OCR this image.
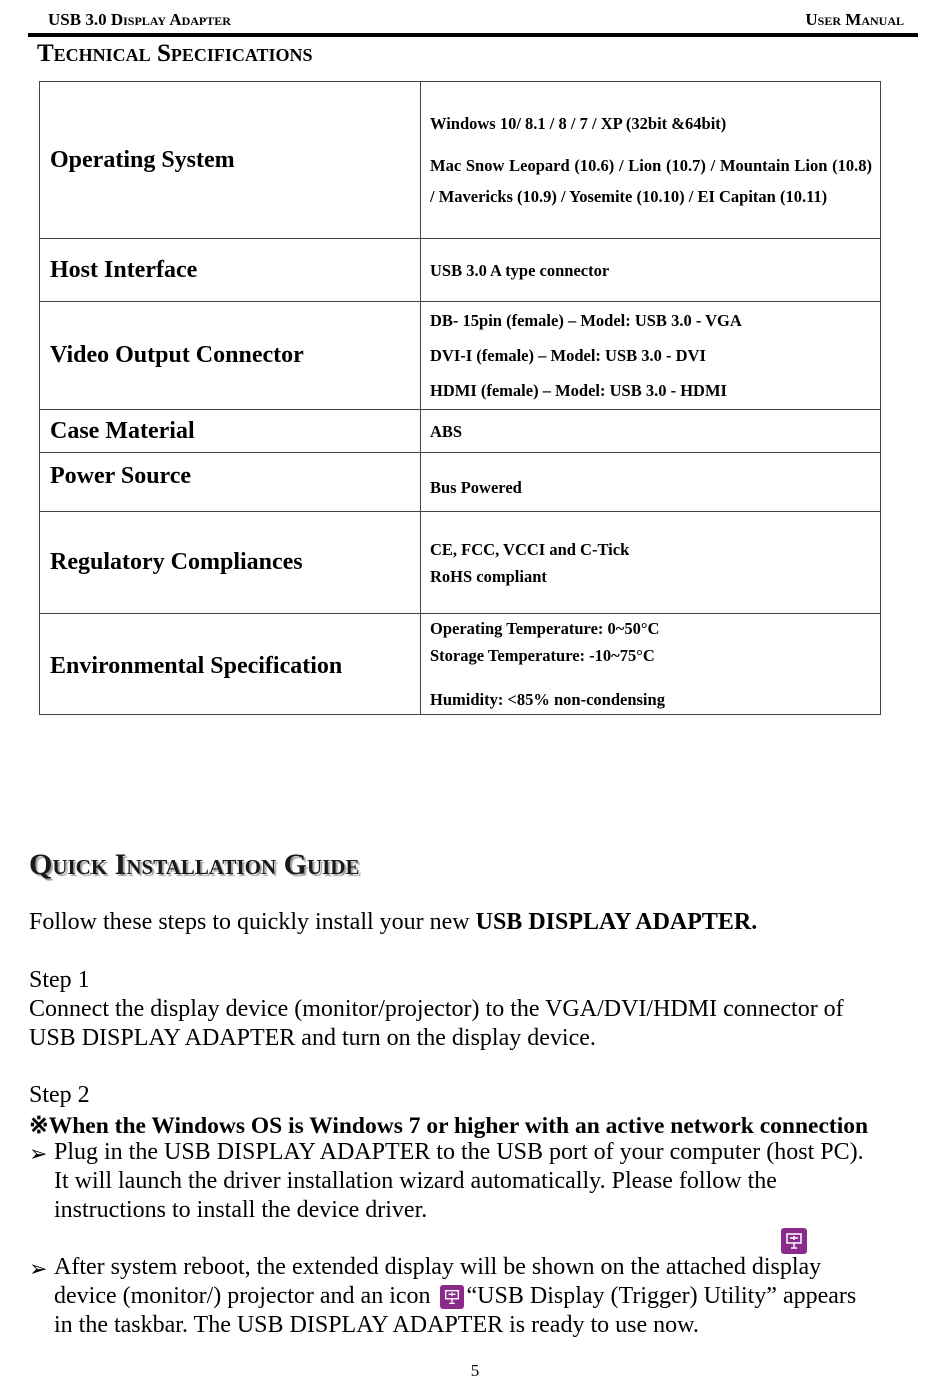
USB 3.0 Display Adapter	User Manual
Technical Specifications
Operating System	Windows 10/ 8.1 / 8 / 7 / XP (32bit &64bit)
Mac Snow Leopard (10.6) / Lion (10.7) / Mountain Lion (10.8) / Mavericks (10.9) / Yosemite (10.10) / EI Capitan (10.11)

Host Interface	USB 3.0 A type connector

Video Output Connector	DB- 15pin (female) – Model: USB 3.0 - VGA
DVI-I (female) – Model: USB 3.0 - DVI
HDMI (female) – Model: USB 3.0 - HDMI

Case Material	ABS

Power Source	Bus Powered

Regulatory Compliances	CE, FCC, VCCI and C-Tick
RoHS compliant

Environmental Specification	Operating Temperature: 0~50°C
Storage Temperature: -10~75°C
Humidity: <85% non-condensing
Quick Installation Guide
Follow these steps to quickly install your new USB DISPLAY ADAPTER.
Step 1
Connect the display device (monitor/projector) to the VGA/DVI/HDMI connector of
USB DISPLAY ADAPTER and turn on the display device.
Step 2
※When the Windows OS is Windows 7 or higher with an active network connection
➢ Plug in the USB DISPLAY ADAPTER to the USB port of your computer (host PC).
It will launch the driver installation wizard automatically. Please follow the
instructions to install the device driver.
➢ After system reboot, the extended display will be shown on the attached display
device (monitor/) projector and an icon “USB Display (Trigger) Utility” appears
in the taskbar. The USB DISPLAY ADAPTER is ready to use now.
5
